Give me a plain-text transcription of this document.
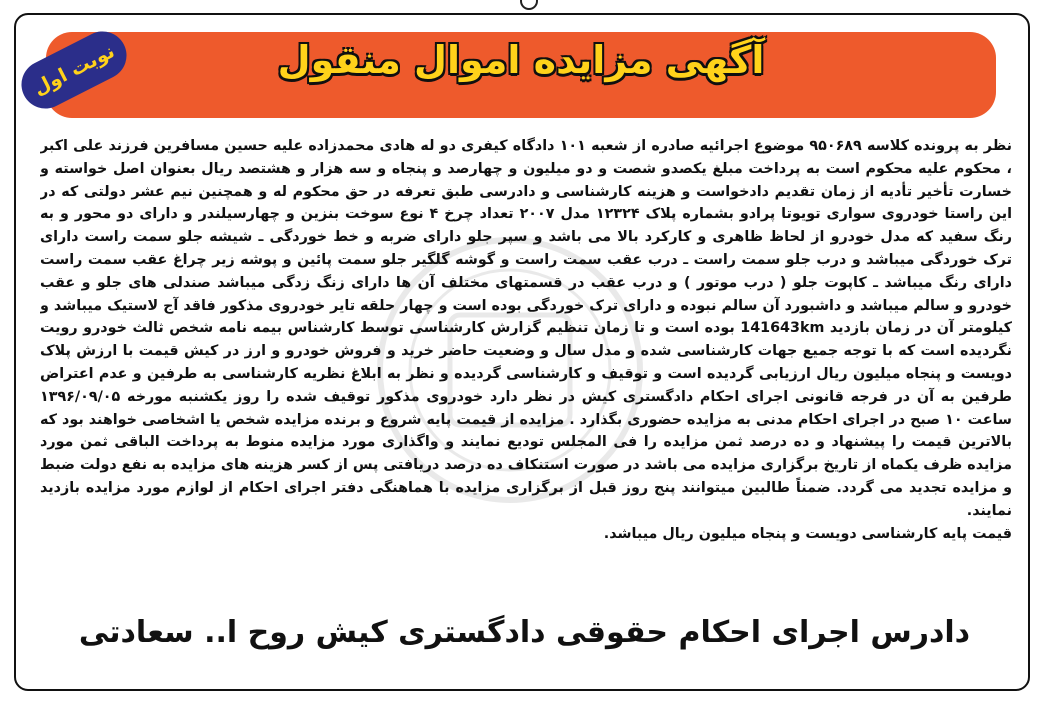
آگهی مزایده اموال منقول
نوبت اول

نظر به پرونده کلاسه ۹۵۰۶۸۹ موضوع اجرائیه صادره از شعبه ۱۰۱ دادگاه کیفری دو له هادی محمدزاده علیه حسین مسافرین فرزند علی اکبر ، محکوم علیه محکوم است به پرداخت مبلغ یکصدو شصت و دو میلیون و چهارصد و پنجاه و سه هزار و هشتصد ریال بعنوان اصل خواسته و خسارت تأخیر تأدیه از زمان تقدیم دادخواست و هزینه کارشناسی و دادرسی طبق تعرفه در حق محکوم له و همچنین نیم عشر دولتی که در این راستا خودروی سواری تویوتا پرادو بشماره پلاک ۱۲۳۲۴ مدل ۲۰۰۷ تعداد چرخ ۴ نوع سوخت بنزین و چهارسیلندر و دارای دو محور و به رنگ سفید که مدل خودرو از لحاظ ظاهری و کارکرد بالا می باشد و سپر جلو دارای ضربه و خط خوردگی ـ شیشه جلو سمت راست دارای ترک خوردگی میباشد و درب جلو سمت راست ـ درب عقب سمت راست و گوشه گلگیر جلو سمت پائین و پوشه زیر چراغ عقب سمت راست دارای رنگ میباشد ـ کاپوت جلو ( درب موتور ) و درب عقب در قسمتهای مختلف آن ها دارای زنگ زدگی میباشد صندلی های جلو و عقب خودرو و سالم میباشد و داشبورد آن سالم نبوده و دارای ترک خوردگی بوده است و چهار حلقه تایر خودروی مذکور فاقد آج لاستیک میباشد و کیلومتر آن در زمان بازدید 141643km بوده است و تا زمان تنظیم گزارش کارشناسی توسط کارشناس بیمه نامه شخص ثالث خودرو رویت نگردیده است که با توجه جمیع جهات کارشناسی شده و مدل سال و وضعیت حاضر خرید و فروش خودرو و ارز در کیش قیمت با ارزش پلاک دویست و پنجاه میلیون ریال ارزیابی گردیده است و توقیف و کارشناسی گردیده و نظر به ابلاغ نظریه کارشناسی به طرفین و عدم اعتراض طرفین به آن در فرجه قانونی اجرای احکام دادگستری کیش در نظر دارد خودروی مذکور توقیف شده را روز یکشنبه مورخه ۱۳۹۶/۰۹/۰۵ ساعت ۱۰ صبح در اجرای احکام مدنی به مزایده حضوری بگذارد . مزایده از قیمت پایه شروع و برنده مزایده شخص یا اشخاصی خواهند بود که بالاترین قیمت را پیشنهاد و ده درصد ثمن مزایده را فی المجلس تودیع نمایند و واگذاری مورد مزایده منوط به پرداخت الباقی ثمن مورد مزایده ظرف یکماه از تاریخ برگزاری مزایده می باشد در صورت استنکاف ده درصد دریافتی پس از کسر هزینه های مزایده به نفع دولت ضبط و مزایده تجدید می گردد. ضمناً طالبین میتوانند پنج روز قبل از برگزاری مزایده با هماهنگی دفتر اجرای احکام از لوازم مورد مزایده بازدید نمایند.

قیمت پایه کارشناسی دویست و پنجاه میلیون ریال میباشد.

دادرس اجرای احکام حقوقی دادگستری کیش روح ا.. سعادتی
